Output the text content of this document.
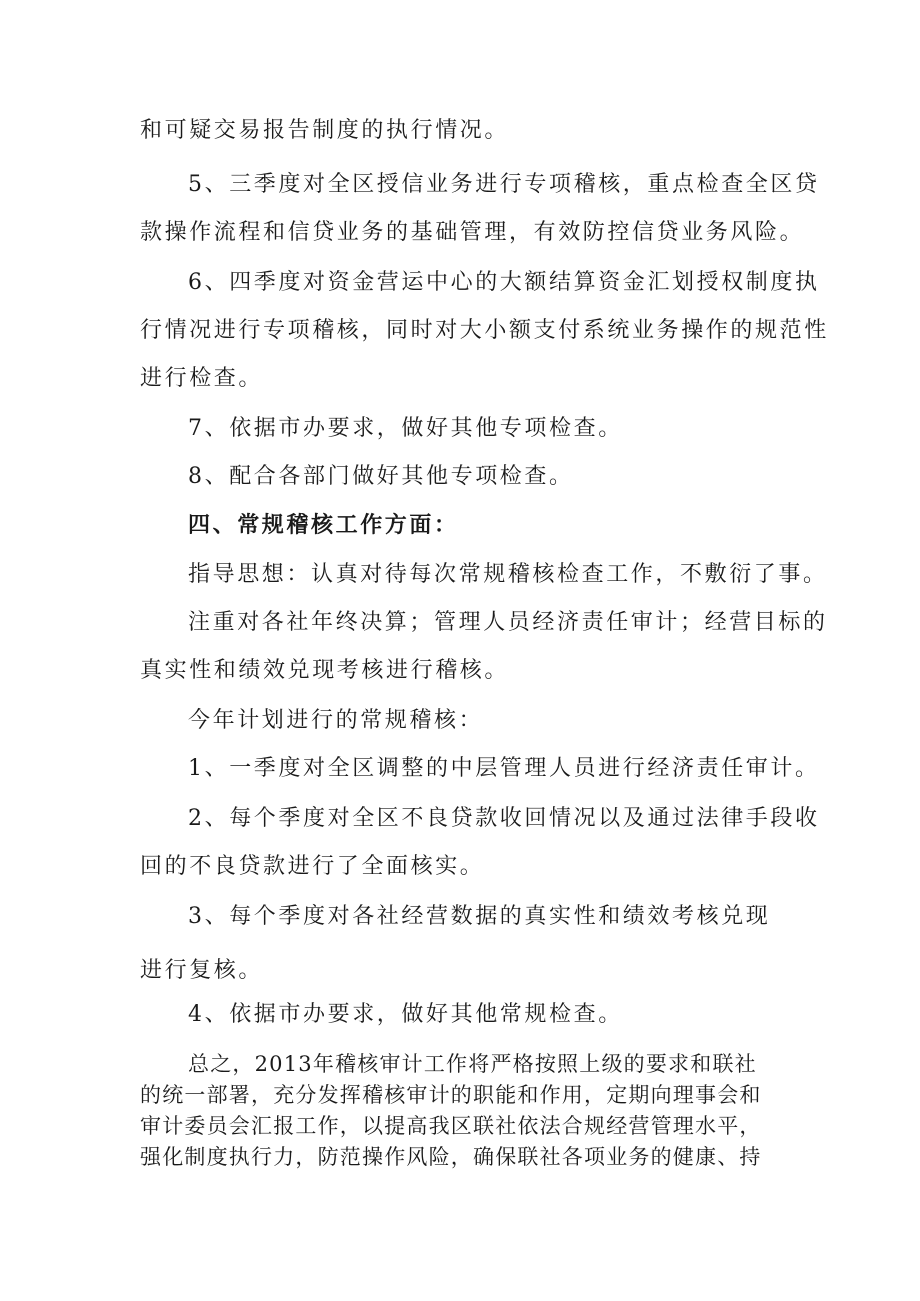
和可疑交易报告制度的执行情况。
5、三季度对全区授信业务进行专项稽核，重点检查全区贷
款操作流程和信贷业务的基础管理，有效防控信贷业务风险。
6、四季度对资金营运中心的大额结算资金汇划授权制度执
行情况进行专项稽核，同时对大小额支付系统业务操作的规范性
进行检查。
7、依据市办要求，做好其他专项检查。
8、配合各部门做好其他专项检查。
四、常规稽核工作方面：
指导思想：认真对待每次常规稽核检查工作，不敷衍了事。
注重对各社年终决算；管理人员经济责任审计；经营目标的
真实性和绩效兑现考核进行稽核。
今年计划进行的常规稽核：
1、一季度对全区调整的中层管理人员进行经济责任审计。
2、每个季度对全区不良贷款收回情况以及通过法律手段收
回的不良贷款进行了全面核实。
3、每个季度对各社经营数据的真实性和绩效考核兑现
进行复核。
4、依据市办要求，做好其他常规检查。
总之，2013年稽核审计工作将严格按照上级的要求和联社
的统一部署，充分发挥稽核审计的职能和作用，定期向理事会和
审计委员会汇报工作，以提高我区联社依法合规经营管理水平，
强化制度执行力，防范操作风险，确保联社各项业务的健康、持
